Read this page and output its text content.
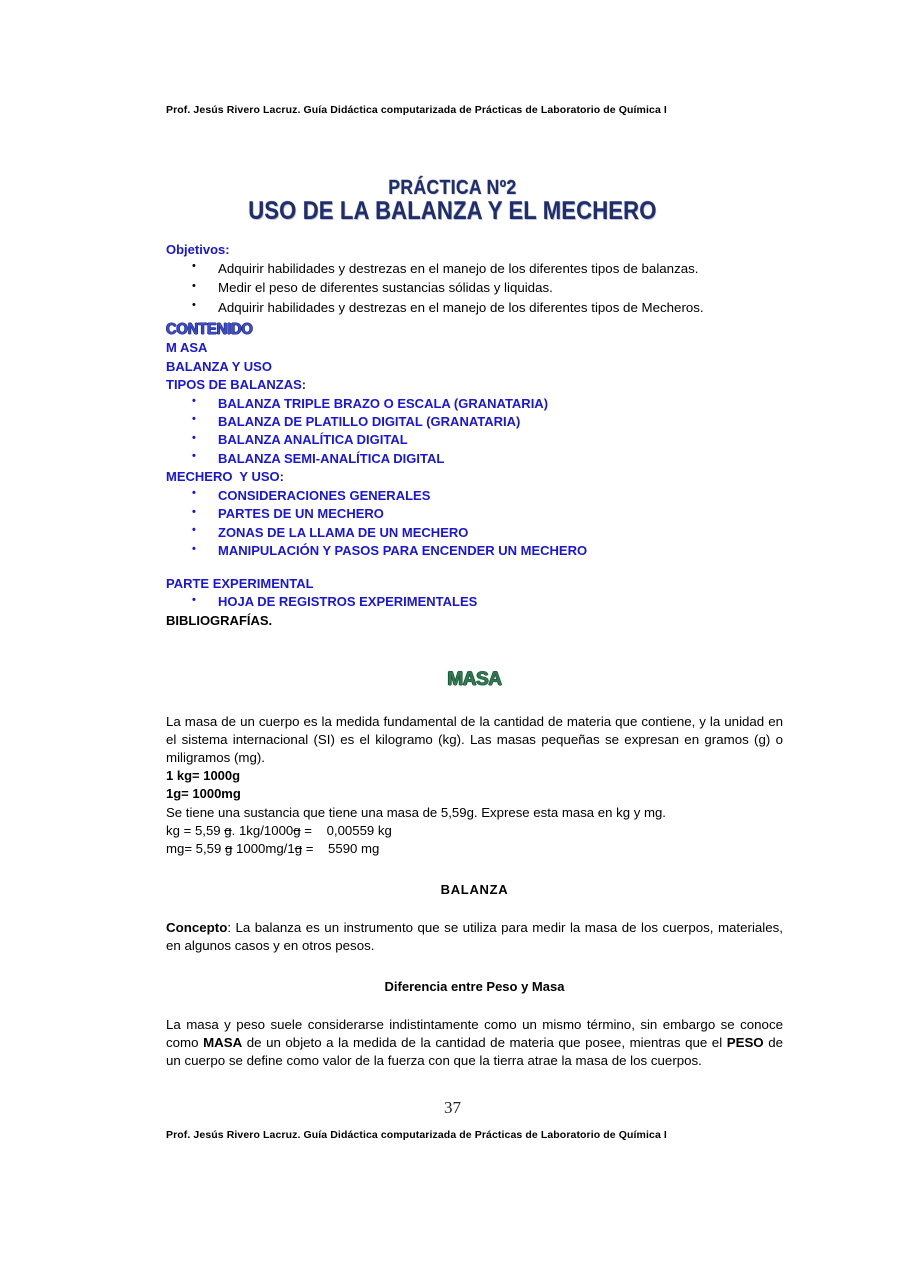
Prof. Jesús Rivero Lacruz. Guía Didáctica computarizada de Prácticas de Laboratorio de Química I
PRÁCTICA Nº2
USO DE LA BALANZA Y EL MECHERO
Objetivos:
• Adquirir habilidades y destrezas en el manejo de los diferentes tipos de balanzas.
• Medir el peso de diferentes sustancias sólidas y liquidas.
• Adquirir habilidades y destrezas en el manejo de los diferentes tipos de Mecheros.
CONTENIDO
M ASA
BALANZA Y USO
TIPOS DE BALANZAS:
• BALANZA TRIPLE BRAZO O ESCALA (GRANATARIA)
• BALANZA DE PLATILLO DIGITAL (GRANATARIA)
• BALANZA ANALÍTICA DIGITAL
• BALANZA SEMI-ANALÍTICA DIGITAL
MECHERO  Y USO:
• CONSIDERACIONES GENERALES
• PARTES DE UN MECHERO
• ZONAS DE LA LLAMA DE UN MECHERO
• MANIPULACIÓN Y PASOS PARA ENCENDER UN MECHERO
PARTE EXPERIMENTAL
• HOJA DE REGISTROS EXPERIMENTALES
BIBLIOGRAFÍAS.
MASA

La masa de un cuerpo es la medida fundamental de la cantidad de materia que contiene, y la unidad en el sistema internacional (SI) es el kilogramo (kg). Las masas pequeñas se expresan en gramos (g) o miligramos (mg).

1 kg= 1000g
1g= 1000mg
Se tiene una sustancia que tiene una masa de 5,59g. Exprese esta masa en kg y mg.
kg = 5,59 g. 1kg/1000g =    0,00559 kg
mg= 5,59 g 1000mg/1g =    5590 mg
BALANZA

Concepto: La balanza es un instrumento que se utiliza para medir la masa de los cuerpos, materiales, en algunos casos y en otros pesos.

Diferencia entre Peso y Masa

La masa y peso suele considerarse indistintamente como un mismo término, sin embargo se conoce como MASA de un objeto a la medida de la cantidad de materia que posee, mientras que el PESO de un cuerpo se define como valor de la fuerza con que la tierra atrae la masa de los cuerpos.

37
Prof. Jesús Rivero Lacruz. Guía Didáctica computarizada de Prácticas de Laboratorio de Química I
